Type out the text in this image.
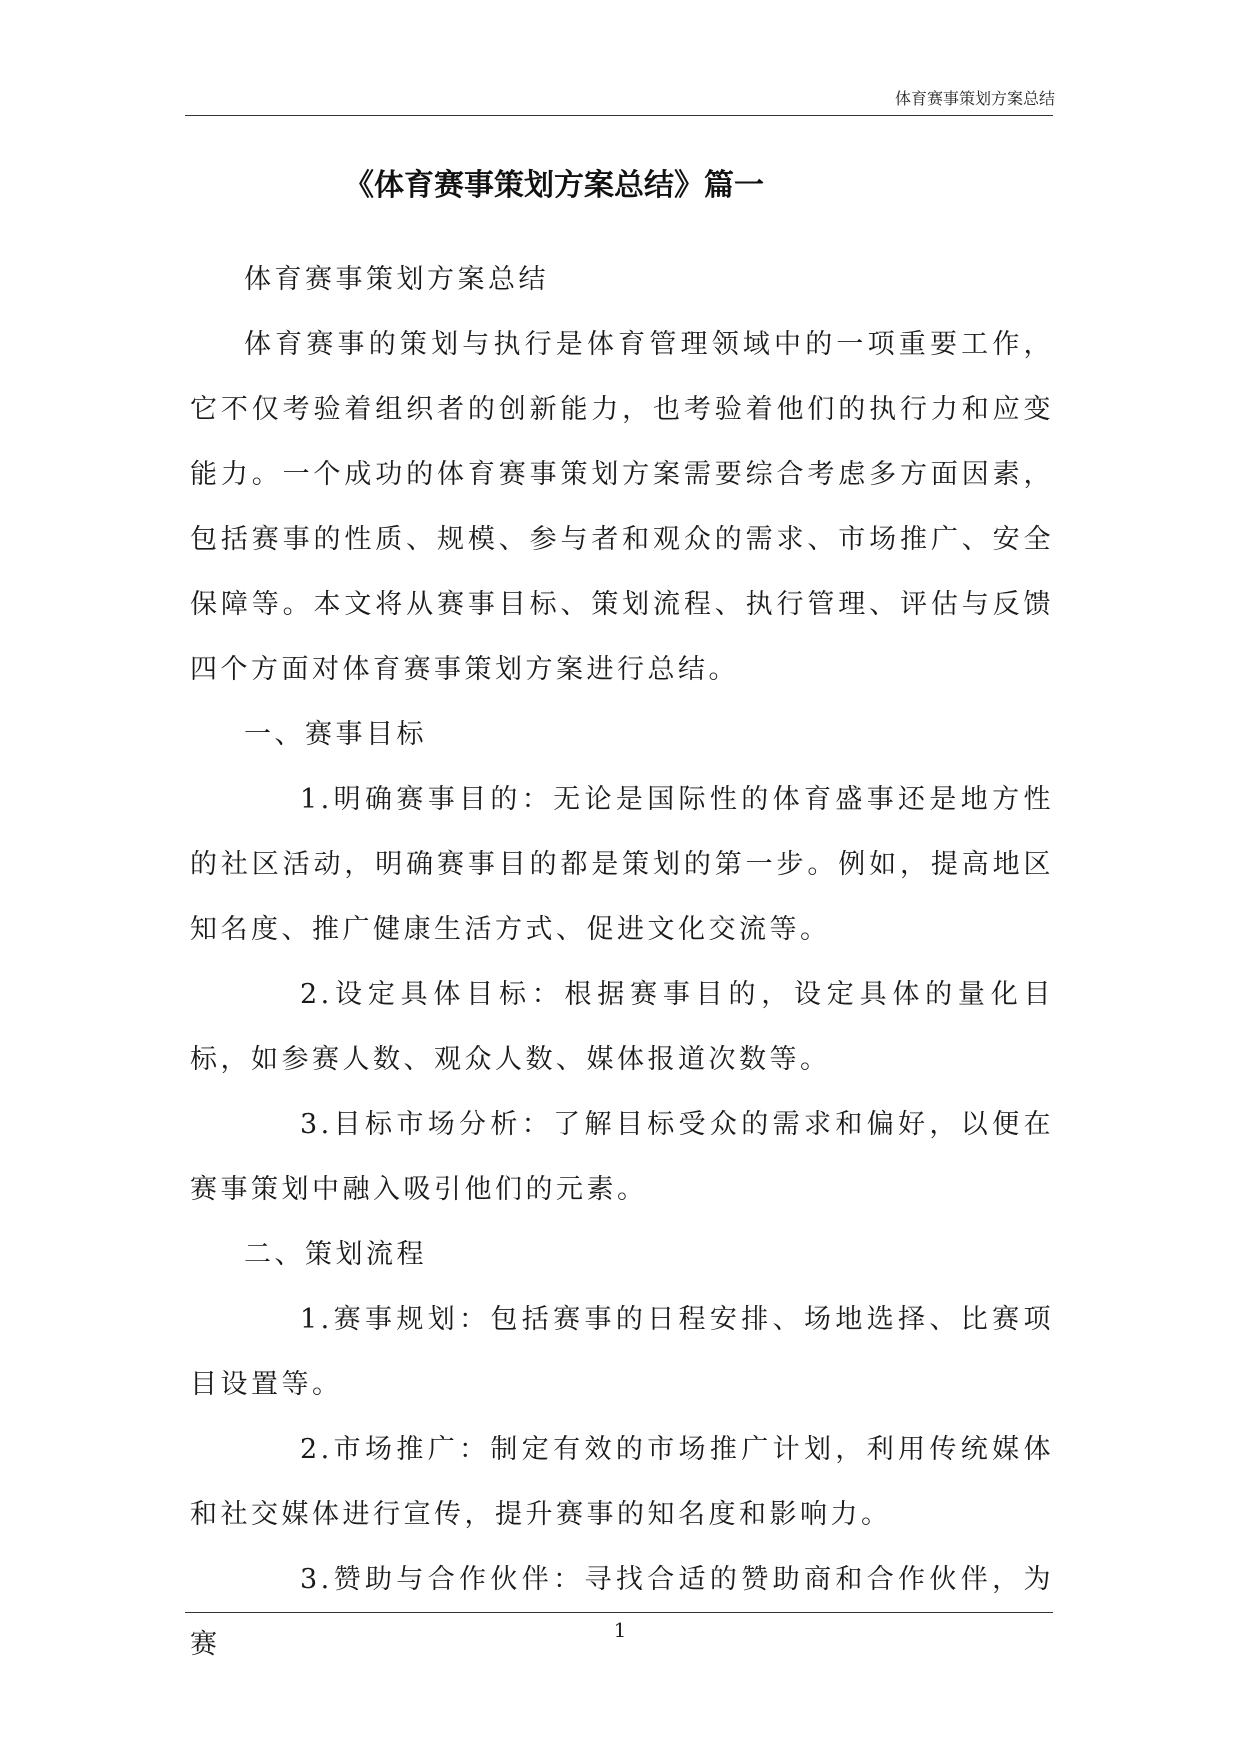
体育赛事策划方案总结
《体育赛事策划方案总结》篇一

体育赛事策划方案总结

体育赛事的策划与执行是体育管理领域中的一项重要工作，它不仅考验着组织者的创新能力，也考验着他们的执行力和应变能力。一个成功的体育赛事策划方案需要综合考虑多方面因素，包括赛事的性质、规模、参与者和观众的需求、市场推广、安全保障等。本文将从赛事目标、策划流程、执行管理、评估与反馈四个方面对体育赛事策划方案进行总结。

一、赛事目标

1.明确赛事目的：无论是国际性的体育盛事还是地方性的社区活动，明确赛事目的都是策划的第一步。例如，提高地区知名度、推广健康生活方式、促进文化交流等。

2.设定具体目标：根据赛事目的，设定具体的量化目标，如参赛人数、观众人数、媒体报道次数等。

3.目标市场分析：了解目标受众的需求和偏好，以便在赛事策划中融入吸引他们的元素。

二、策划流程

1.赛事规划：包括赛事的日程安排、场地选择、比赛项目设置等。

2.市场推广：制定有效的市场推广计划，利用传统媒体和社交媒体进行宣传，提升赛事的知名度和影响力。

3.赞助与合作伙伴：寻找合适的赞助商和合作伙伴，为赛	1
